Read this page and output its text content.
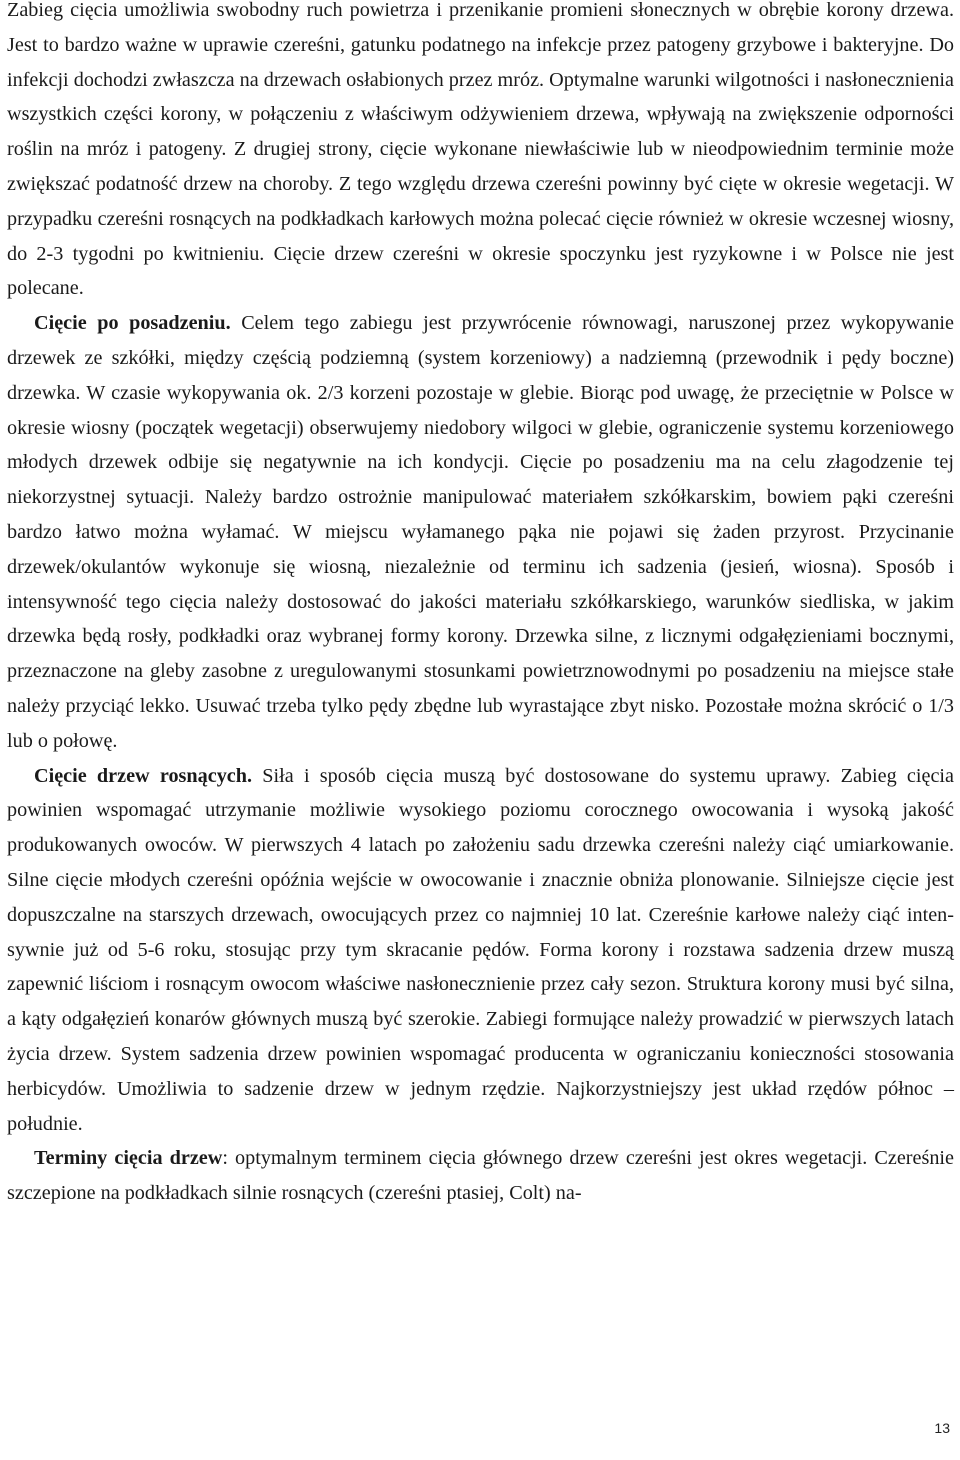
Zabieg cięcia umożliwia swobodny ruch powietrza i przenikanie promieni słonecznych w obrębie korony drzewa. Jest to bardzo ważne w uprawie czereśni, gatunku podatnego na infekcje przez patogeny grzybowe i bakteryjne. Do infekcji dochodzi zwłaszcza na drzewach osłabionych przez mróz. Optymalne warunki wilgotności i nasłonecznienia wszystkich części korony, w połączeniu z właściwym odżywieniem drzewa, wpływają na zwiększenie odporności roślin na mróz i patogeny. Z drugiej strony, cięcie wykonane niewłaściwie lub w nieodpowiednim terminie może zwiększać podatność drzew na choroby. Z tego względu drzewa czereśni powinny być cięte w okresie wegetacji. W przypadku czereśni rosnących na podkładkach karłowych można polecać cięcie również w okresie wczesnej wiosny, do 2-3 tygodni po kwitnieniu. Cięcie drzew czereśni w okresie spoczynku jest ryzykowne i w Polsce nie jest polecane.

Cięcie po posadzeniu. Celem tego zabiegu jest przywrócenie równowagi, naruszonej przez wykopywanie drzewek ze szkółki, między częścią podziemną (system korzeniowy) a nadziemną (przewodnik i pędy boczne) drzewka. W czasie wykopywania ok. 2/3 korzeni pozostaje w glebie. Biorąc pod uwagę, że przeciętnie w Polsce w okresie wiosny (początek wegetacji) obserwujemy niedobory wilgoci w glebie, ograniczenie systemu korzeniowego młodych drzewek odbije się negatywnie na ich kondycji. Cięcie po posadzeniu ma na celu złagodzenie tej niekorzystnej sytuacji. Należy bardzo ostrożnie manipulować materiałem szkółkarskim, bowiem pąki czereśni bardzo łatwo można wyłamać. W miejscu wyłamanego pąka nie pojawi się żaden przyrost. Przycinanie drzewek/okulantów wykonuje się wiosną, niezależnie od terminu ich sadzenia (jesień, wiosna). Sposób i intensywność tego cięcia należy dostosować do jakości materiału szkółkarskiego, warunków siedliska, w jakim drzewka będą rosły, podkładki oraz wybranej formy korony. Drzewka silne, z licznymi odgałęzieniami bocznymi, przeznaczone na gleby zasobne z uregulowanymi stosunkami powietrznowodnymi po posadzeniu na miejsce stałe należy przyciąć lekko. Usuwać trzeba tylko pędy zbędne lub wyrastające zbyt nisko. Pozostałe można skrócić o 1/3 lub o połowę.

Cięcie drzew rosnących. Siła i sposób cięcia muszą być dostosowane do systemu uprawy. Zabieg cięcia powinien wspomagać utrzymanie możliwie wysokiego poziomu corocznego owocowania i wysoką jakość produkowanych owoców. W pierwszych 4 latach po założeniu sadu drzewka czereśni należy ciąć umiarkowanie. Silne cięcie młodych czereśni opóźnia wejście w owocowanie i znacznie obniża plonowanie. Silniejsze cięcie jest dopuszczalne na starszych drzewach, owocujących przez co najmniej 10 lat. Czereśnie karłowe należy ciąć intensywnie już od 5-6 roku, stosując przy tym skracanie pędów. Forma korony i rozstawa sadzenia drzew muszą zapewnić liściom i rosnącym owocom właściwe nasłonecznienie przez cały sezon. Struktura korony musi być silna, a kąty odgałęzień konarów głównych muszą być szerokie. Zabiegi formujące należy prowadzić w pierwszych latach życia drzew. System sadzenia drzew powinien wspomagać producenta w ograniczaniu konieczności stosowania herbicydów. Umożliwia to sadzenie drzew w jednym rzędzie. Najkorzystniejszy jest układ rzędów północ – południe.

Terminy cięcia drzew: optymalnym terminem cięcia głównego drzew czereśni jest okres wegetacji. Czereśnie szczepione na podkładkach silnie rosnących (czereśni ptasiej, Colt) na-

13
